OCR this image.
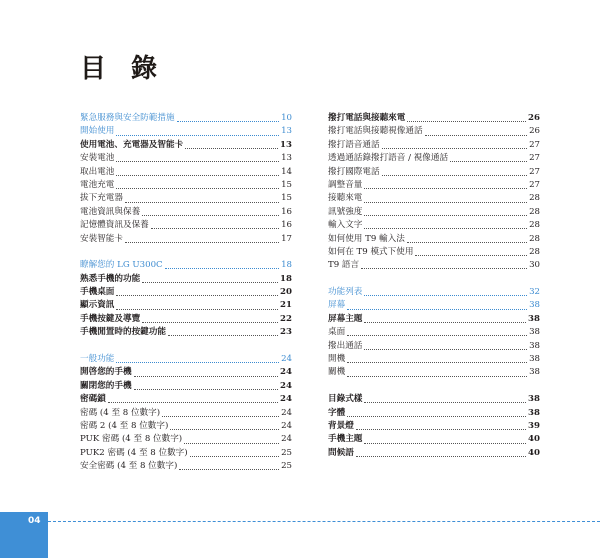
目 錄
緊急服務與安全防範措施	10
開始使用	13
使用電池、充電器及智能卡	13
安裝電池	13
取出電池	14
電池充電	15
拔下充電器	15
電池資訊與保養	16
記憶體資訊及保養	16
安裝智能卡	17
瞭解您的 LG U300C	18
熟悉手機的功能	18
手機桌面	20
顯示資訊	21
手機按鍵及導覽	22
手機閒置時的按鍵功能	23
一般功能	24
開啓您的手機	24
關閉您的手機	24
密碼鎖	24
密碼 (4 至 8 位數字)	24
密碼 2 (4 至 8 位數字)	24
PUK 密碼 (4 至 8 位數字)	24
PUK2 密碼 (4 至 8 位數字)	25
安全密碼 (4 至 8 位數字)	25
撥打電話與接聽來電	26
撥打電話與接聽視像通話	26
撥打語音通話	27
透過通話錄撥打語音 / 視像通話	27
撥打國際電話	27
調整音量	27
接聽來電	28
訊號強度	28
輸入文字	28
如何使用 T9 輸入法	28
如何在 T9 模式下使用	28
T9 語言	30
功能列表	32
屏幕	38
屏幕主題	38
桌面	38
撥出通話	38
開機	38
關機	38
目錄式樣	38
字體	38
背景燈	39
手機主題	40
問候語	40
04
